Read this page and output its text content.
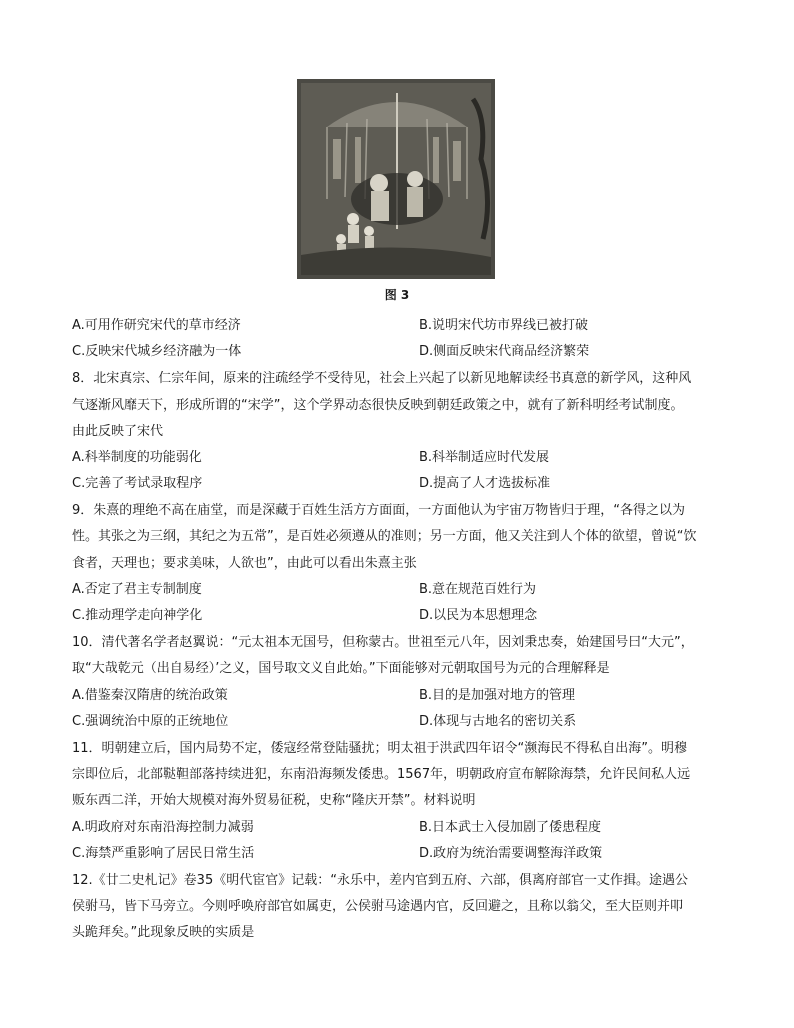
图 3
A.可用作研究宋代的草市经济	B.说明宋代坊市界线已被打破
C.反映宋代城乡经济融为一体	D.侧面反映宋代商品经济繁荣
8．北宋真宗、仁宗年间，原来的注疏经学不受待见，社会上兴起了以新见地解读经书真意的新学风，这种风
气逐渐风靡天下，形成所谓的“宋学”，这个学界动态很快反映到朝廷政策之中，就有了新科明经考试制度。
由此反映了宋代
A.科举制度的功能弱化	B.科举制适应时代发展
C.完善了考试录取程序	D.提高了人才选拔标准
9．朱熹的理绝不高在庙堂，而是深藏于百姓生活方方面面，一方面他认为宇宙万物皆归于理，“各得之以为
性。其张之为三纲，其纪之为五常”，是百姓必须遵从的准则；另一方面，他又关注到人个体的欲望，曾说“饮
食者，天理也；要求美味，人欲也”，由此可以看出朱熹主张
A.否定了君主专制制度	B.意在规范百姓行为
C.推动理学走向神学化	D.以民为本思想理念
10．清代著名学者赵翼说：“元太祖本无国号，但称蒙古。世祖至元八年，因刘秉忠奏，始建国号曰“大元”，
取“大哉乾元（出自易经）’之义，国号取文义自此始。”下面能够对元朝取国号为元的合理解释是
A.借鉴秦汉隋唐的统治政策	B.目的是加强对地方的管理
C.强调统治中原的正统地位	D.体现与古地名的密切关系
11．明朝建立后，国内局势不定，倭寇经常登陆骚扰；明太祖于洪武四年诏令“濒海民不得私自出海”。明穆
宗即位后，北部鞑靼部落持续进犯，东南沿海频发倭患。1567年，明朝政府宣布解除海禁，允许民间私人远
贩东西二洋，开始大规模对海外贸易征税，史称“隆庆开禁”。材料说明
A.明政府对东南沿海控制力减弱	B.日本武士入侵加剧了倭患程度
C.海禁严重影响了居民日常生活	D.政府为统治需要调整海洋政策
12.《廿二史札记》卷35《明代宦官》记载：“永乐中，差内官到五府、六部，俱离府部官一丈作揖。途遇公
侯驸马，皆下马旁立。今则呼唤府部官如属吏，公侯驸马途遇内官，反回避之，且称以翁父，至大臣则并叩
头跪拜矣。”此现象反映的实质是
